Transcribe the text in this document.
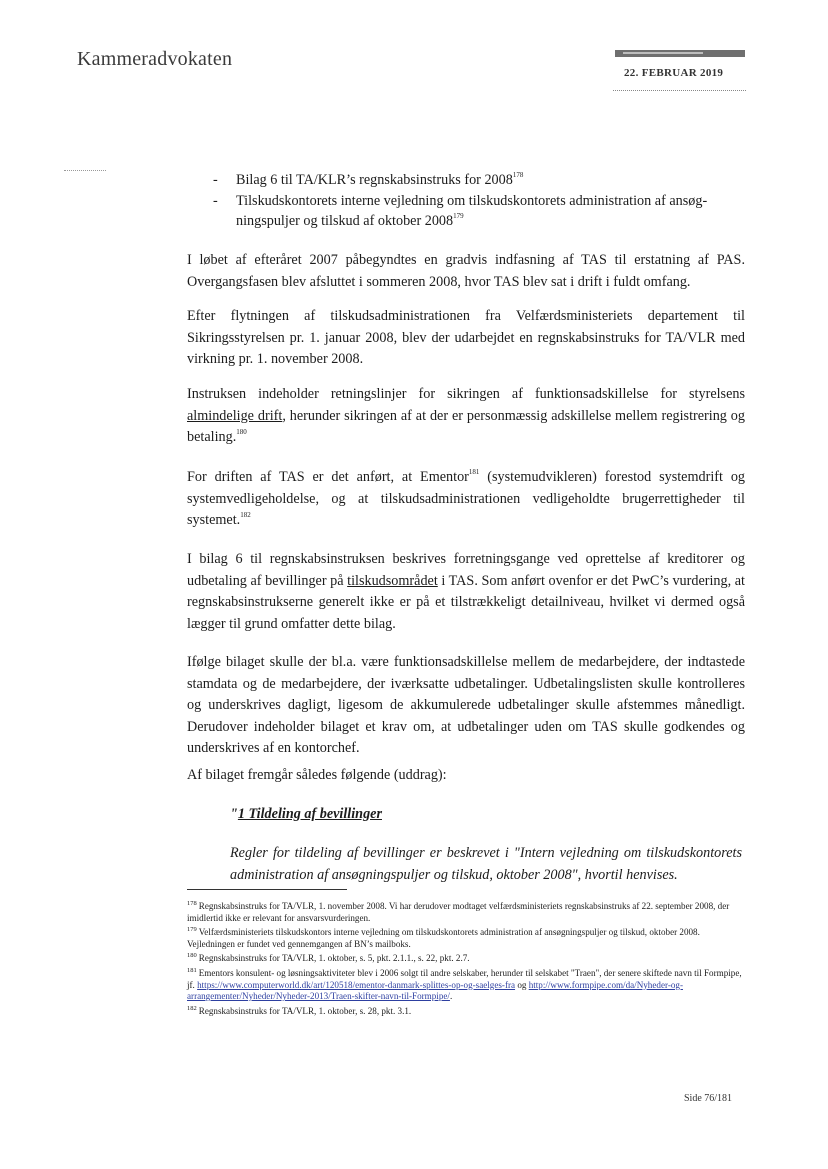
Kammeradvokaten
22. FEBRUAR 2019
- Bilag 6 til TA/KLR’s regnskabsinstruks for 2008$^{178}$
- Tilskudskontorets interne vejledning om tilskudskontorets administration af ansøg-ningspuljer og tilskud af oktober 2008$^{179}$

I løbet af efteråret 2007 påbegyndtes en gradvis indfasning af TAS til erstatning af PAS. Overgangsfasen blev afsluttet i sommeren 2008, hvor TAS blev sat i drift i fuldt omfang.

Efter flytningen af tilskudsadministrationen fra Velfærdsministeriets departement til Sikringsstyrelsen pr. 1. januar 2008, blev der udarbejdet en regnskabsinstruks for TA/VLR med virkning pr. 1. november 2008.

Instruksen indeholder retningslinjer for sikringen af funktionsadskillelse for styrelsens almindelige drift, herunder sikringen af at der er personmæssig adskillelse mellem registrering og betaling.$^{180}$

For driften af TAS er det anført, at Ementor$^{181}$ (systemudvikleren) forestod systemdrift og systemvedligeholdelse, og at tilskudsadministrationen vedligeholdte brugerrettigheder til systemet.$^{182}$

I bilag 6 til regnskabsinstruksen beskrives forretningsgange ved oprettelse af kreditorer og udbetaling af bevillinger på tilskudsområdet i TAS. Som anført ovenfor er det PwC’s vurdering, at regnskabsinstrukserne generelt ikke er på et tilstrækkeligt detailniveau, hvilket vi dermed også lægger til grund omfatter dette bilag.

Ifølge bilaget skulle der bl.a. være funktionsadskillelse mellem de medarbejdere, der indtastede stamdata og de medarbejdere, der iværksatte udbetalinger. Udbetalingslisten skulle kontrolleres og underskrives dagligt, ligesom de akkumulerede udbetalinger skulle afstemmes månedligt. Derudover indeholder bilaget et krav om, at udbetalinger uden om TAS skulle godkendes og underskrives af en kontorchef.

Af bilaget fremgår således følgende (uddrag):

"1 Tildeling af bevillinger

Regler for tildeling af bevillinger er beskrevet i "Intern vejledning om tilskudskontorets administration af ansøgningspuljer og tilskud, oktober 2008", hvortil henvises.

$^{178}$ Regnskabsinstruks for TA/VLR, 1. november 2008. Vi har derudover modtaget velfærdsministeriets regnskabsinstruks af 22. september 2008, der imidlertid ikke er relevant for ansvarsvurderingen.

$^{179}$ Velfærdsministeriets tilskudskontors interne vejledning om tilskudskontorets administration af ansøgningspuljer og tilskud, oktober 2008. Vejledningen er fundet ved gennemgangen af BN’s mailboks.

$^{180}$ Regnskabsinstruks for TA/VLR, 1. oktober, s. 5, pkt. 2.1.1., s. 22, pkt. 2.7.

$^{181}$ Ementors konsulent- og løsningsaktiviteter blev i 2006 solgt til andre selskaber, herunder til selskabet "Traen", der senere skiftede navn til Formpipe, jf. https://www.computerworld.dk/art/120518/ementor-danmark-splittes-op-og-saelges-fra og http://www.formpipe.com/da/Nyheder-og-arrangementer/Nyheder/Nyheder-2013/Traen-skifter-navn-til-Formpipe/.

$^{182}$ Regnskabsinstruks for TA/VLR, 1. oktober, s. 28, pkt. 3.1.

Side 76/181
